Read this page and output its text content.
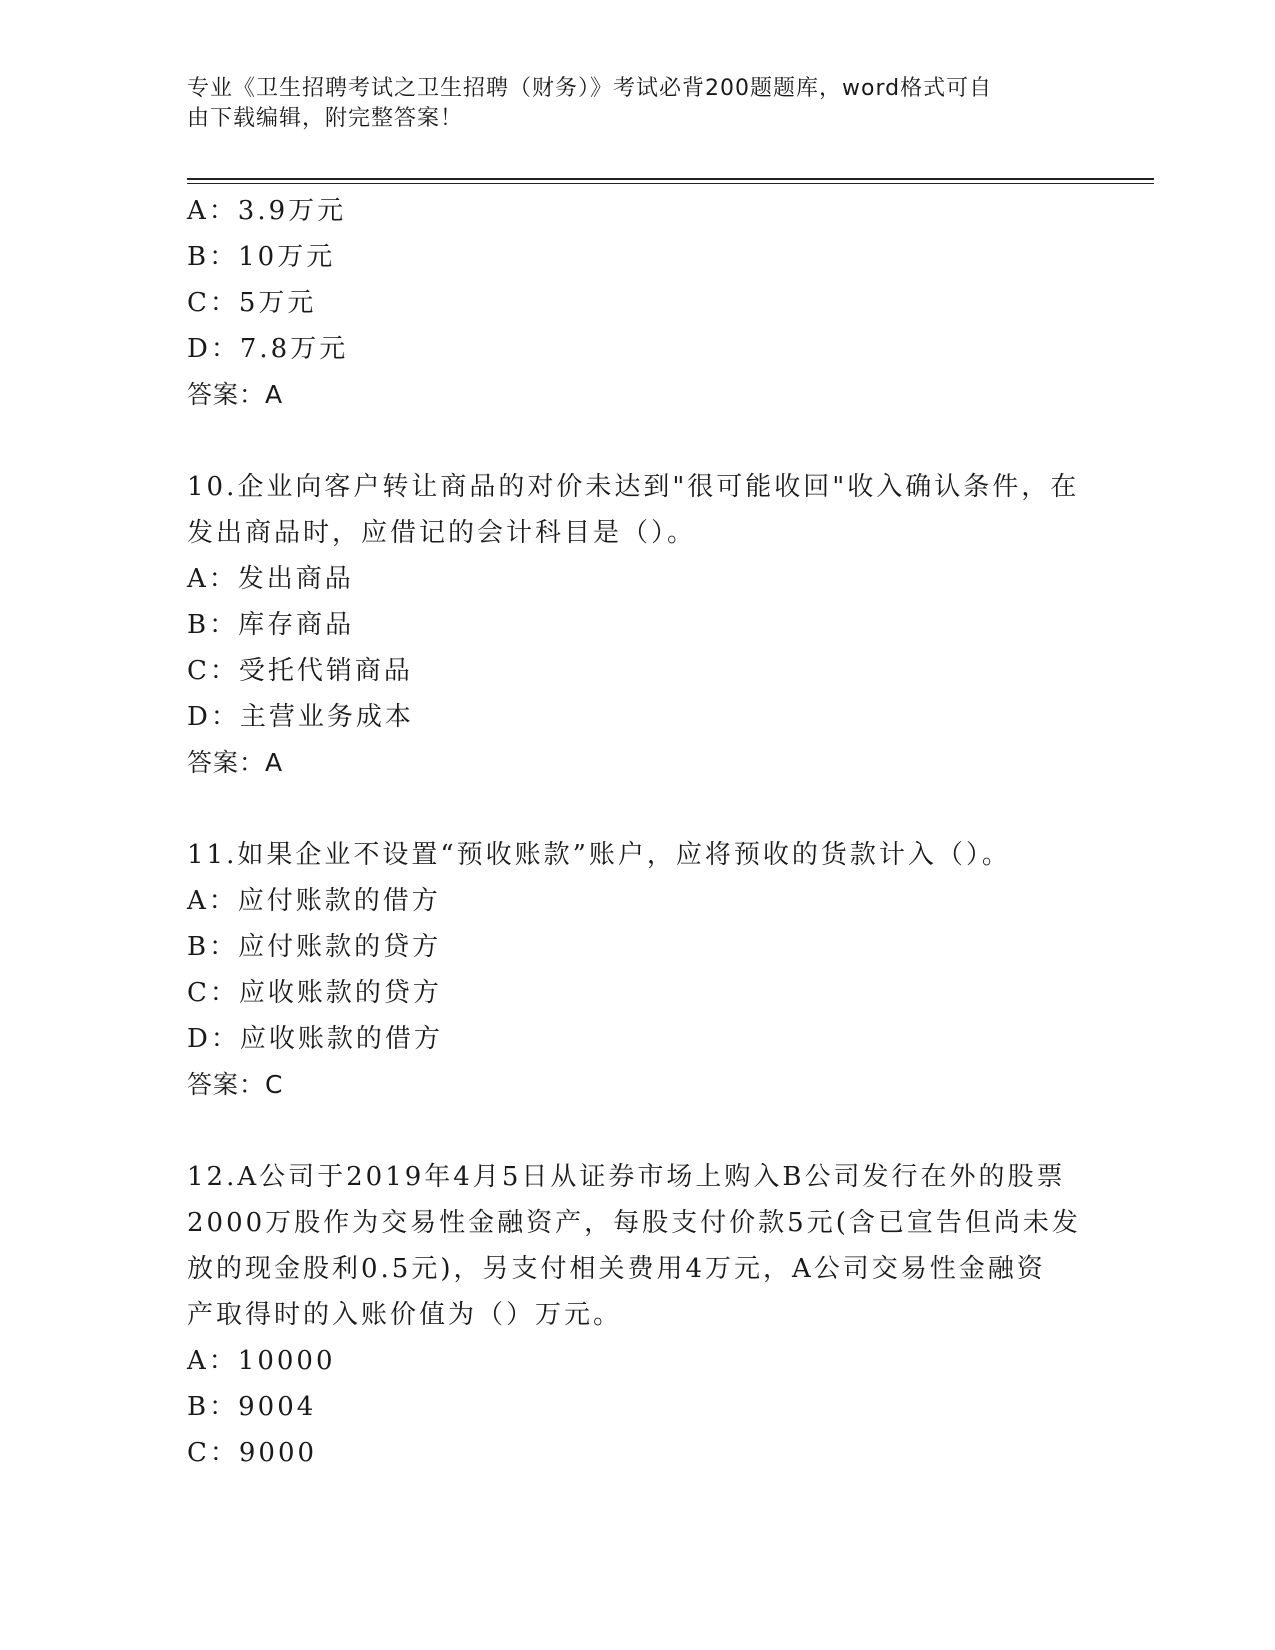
专业《卫生招聘考试之卫生招聘（财务）》考试必背200题题库，word格式可自
由下载编辑，附完整答案！
A：3.9万元
B：10万元
C：5万元
D：7.8万元
答案：A
10.企业向客户转让商品的对价未达到"很可能收回"收入确认条件，在
发出商品时，应借记的会计科目是（）。
A：发出商品
B：库存商品
C：受托代销商品
D：主营业务成本
答案：A
11.如果企业不设置“预收账款”账户，应将预收的货款计入（）。
A：应付账款的借方
B：应付账款的贷方
C：应收账款的贷方
D：应收账款的借方
答案：C
12.A公司于2019年4月5日从证券市场上购入B公司发行在外的股票
2000万股作为交易性金融资产，每股支付价款5元(含已宣告但尚未发
放的现金股利0.5元)，另支付相关费用4万元，A公司交易性金融资
产取得时的入账价值为（）万元。
A：10000
B：9004
C：9000
